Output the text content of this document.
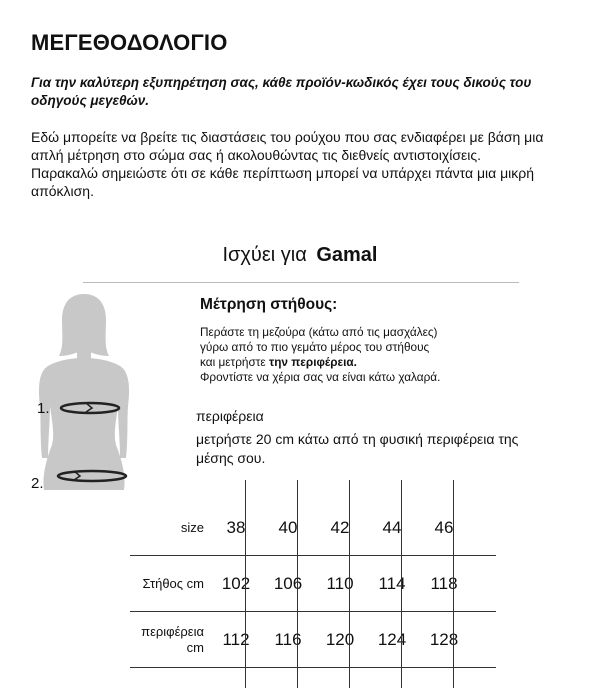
ΜΕΓΕΘΟΔΟΛΟΓΙΟ
Για την καλύτερη εξυπηρέτηση σας, κάθε προϊόν-κωδικός έχει τους δικούς του οδηγούς μεγεθών.
Εδώ μπορείτε να βρείτε τις διαστάσεις του ρούχου που σας ενδιαφέρει με βάση μια απλή μέτρηση στο σώμα σας ή ακολουθώντας τις διεθνείς αντιστοιχίσεις.
Παρακαλώ σημειώστε ότι σε κάθε περίπτωση μπορεί να υπάρχει πάντα μια μικρή απόκλιση.
Ισχύει για Gamal
1.
2.
Μέτρηση στήθους:
Περάστε τη μεζούρα (κάτω από τις μασχάλες)
γύρω από το πιο γεμάτο μέρος του στήθους
και μετρήστε την περιφέρεια.
Φροντίστε να χέρια σας να είναι κάτω χαλαρά.
περιφέρεια
μετρήστε 20 cm κάτω από τη φυσική περιφέρεια της μέσης σου.

size	38	40	42	44	46	
Στήθος cm	102	106	110	114	118	
περιφέρεια cm	112	116	120	124	128	
